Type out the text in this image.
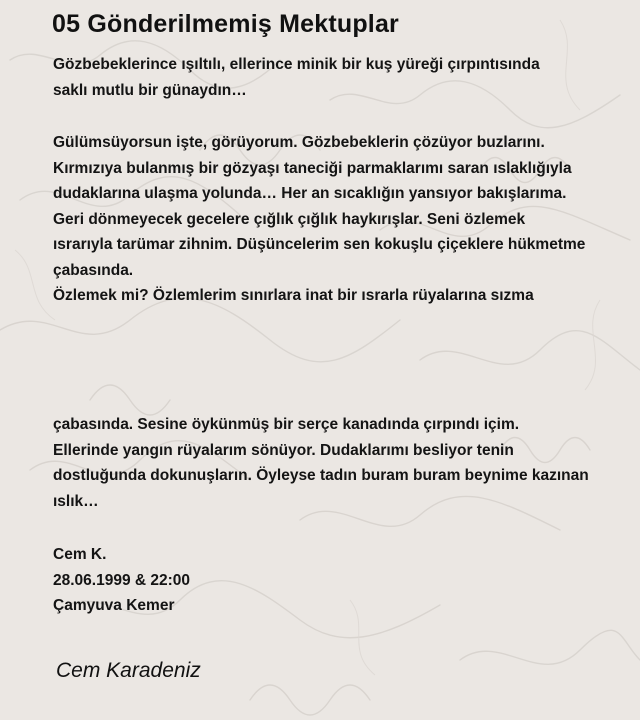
05 Gönderilmemiş Mektuplar

Gözbebeklerince ışıltılı, ellerince minik bir kuş yüreği çırpıntısında
saklı mutlu bir günaydın…

Gülümsüyorsun işte, görüyorum. Gözbebeklerin çözüyor buzlarını.
Kırmızıya bulanmış bir gözyaşı taneciği parmaklarımı saran ıslaklığıyla
dudaklarına ulaşma yolunda… Her an sıcaklığın yansıyor bakışlarıma.
Geri dönmeyecek gecelere çığlık çığlık haykırışlar. Seni özlemek
ısrarıyla tarümar zihnim. Düşüncelerim sen kokuşlu çiçeklere hükmetme
çabasında.
Özlemek mi? Özlemlerim sınırlara inat bir ısrarla rüyalarına sızma

çabasında. Sesine öykünmüş bir serçe kanadında çırpındı içim.
Ellerinde yangın rüyalarım sönüyor. Dudaklarımı besliyor tenin
dostluğunda dokunuşların. Öyleyse tadın buram buram beynime kazınan
ıslık…

Cem K.
28.06.1999 & 22:00
Çamyuva Kemer

Cem Karadeniz
